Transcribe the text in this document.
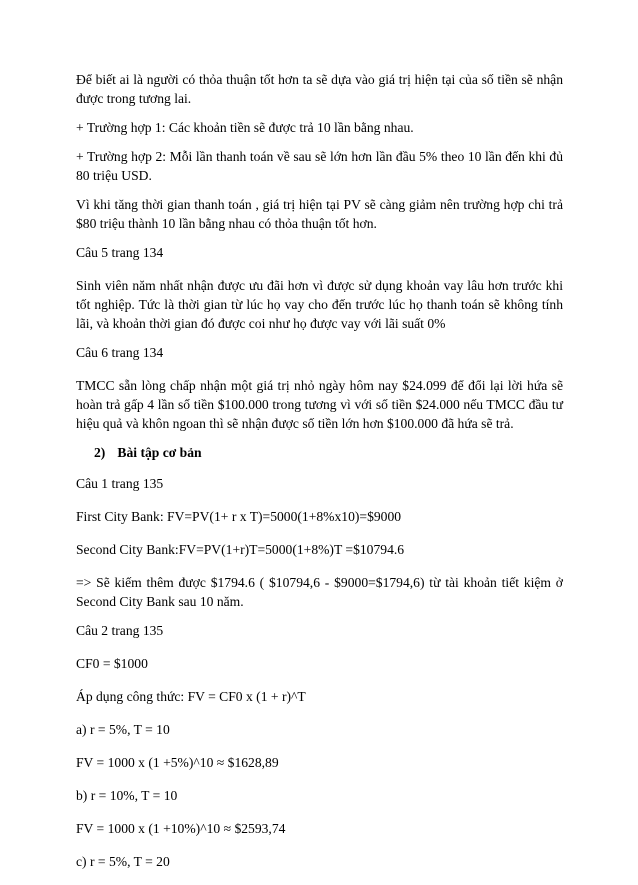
Để biết ai là người có thỏa thuận tốt hơn ta sẽ dựa vào giá trị hiện tại của số tiền sẽ nhận được trong tương lai.

+ Trường hợp 1: Các khoản tiền sẽ được trả 10 lần bằng nhau.

+ Trường hợp 2: Mỗi lần thanh toán về sau sẽ lớn hơn lần đầu 5% theo 10 lần đến khi đủ 80 triệu USD.

Vì khi tăng thời gian thanh toán , giá trị hiện tại PV sẽ càng giảm nên trường hợp chi trả $80 triệu thành 10 lần bằng nhau có thỏa thuận tốt hơn.

Câu 5 trang 134

Sinh viên năm nhất nhận được ưu đãi hơn vì được sử dụng khoản vay lâu hơn trước khi tốt nghiệp. Tức là thời gian từ lúc họ vay cho đến trước lúc họ thanh toán sẽ không tính lãi, và khoản thời gian đó được coi như họ được vay với lãi suất 0%

Câu 6 trang 134

TMCC sẵn lòng chấp nhận một giá trị nhỏ ngày hôm nay $24.099 để đổi lại lời hứa sẽ hoàn trả gấp 4 lần số tiền $100.000 trong tương vì với số tiền $24.000 nếu TMCC đầu tư hiệu quả và khôn ngoan thì sẽ nhận được số tiền lớn hơn $100.000 đã hứa sẽ trả.

2) Bài tập cơ bản

Câu 1 trang 135

First City Bank: FV=PV(1+ r x T)=5000(1+8%x10)=$9000

Second City Bank:FV=PV(1+r)T=5000(1+8%)T =$10794.6

=> Sẽ kiếm thêm được $1794.6 ( $10794,6 - $9000=$1794,6) từ tài khoản tiết kiệm ở Second City Bank sau 10 năm.

Câu 2 trang 135

CF0 = $1000

Áp dụng công thức: FV = CF0 x (1 + r)^T

a) r = 5%, T = 10

FV = 1000 x (1 +5%)^10 ≈ $1628,89

b) r = 10%, T = 10

FV = 1000 x (1 +10%)^10 ≈ $2593,74

c) r = 5%, T = 20
